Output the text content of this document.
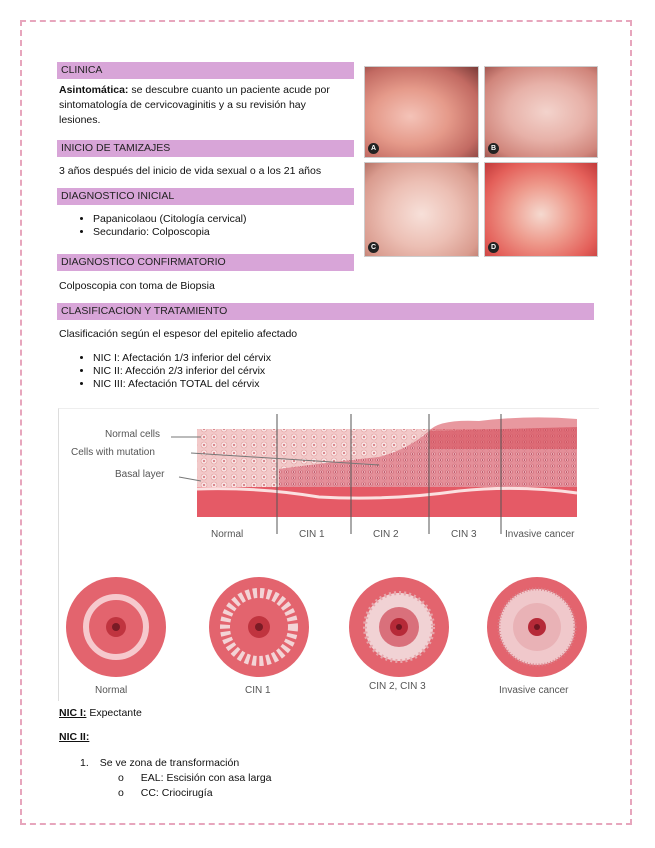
CLINICA
Asintomática: se descubre cuanto un paciente acude por sintomatología de cervicovaginitis y a su revisión hay lesiones.
INICIO DE TAMIZAJES
3 años después del inicio de vida sexual o a los 21 años
DIAGNOSTICO INICIAL
• Papanicolaou (Citología cervical)
• Secundario: Colposcopia
DIAGNOSTICO CONFIRMATORIO
Colposcopia con toma de Biopsia
CLASIFICACION Y TRATAMIENTO
Clasificación según el espesor del epitelio afectado
• NIC I: Afectación 1/3 inferior del cérvix
• NIC II: Afección 2/3 inferior del cérvix
• NIC III: Afectación TOTAL del cérvix
A	B
C	D
Normal cells
Cells with mutation
Basal layer
Normal	CIN 1	CIN 2	CIN 3	Invasive cancer
Normal	CIN 1	CIN 2, CIN 3	Invasive cancer
NIC I: Expectante
NIC II:
1. Se ve zona de transformación
o EAL: Escisión con asa larga
o CC: Criocirugía
